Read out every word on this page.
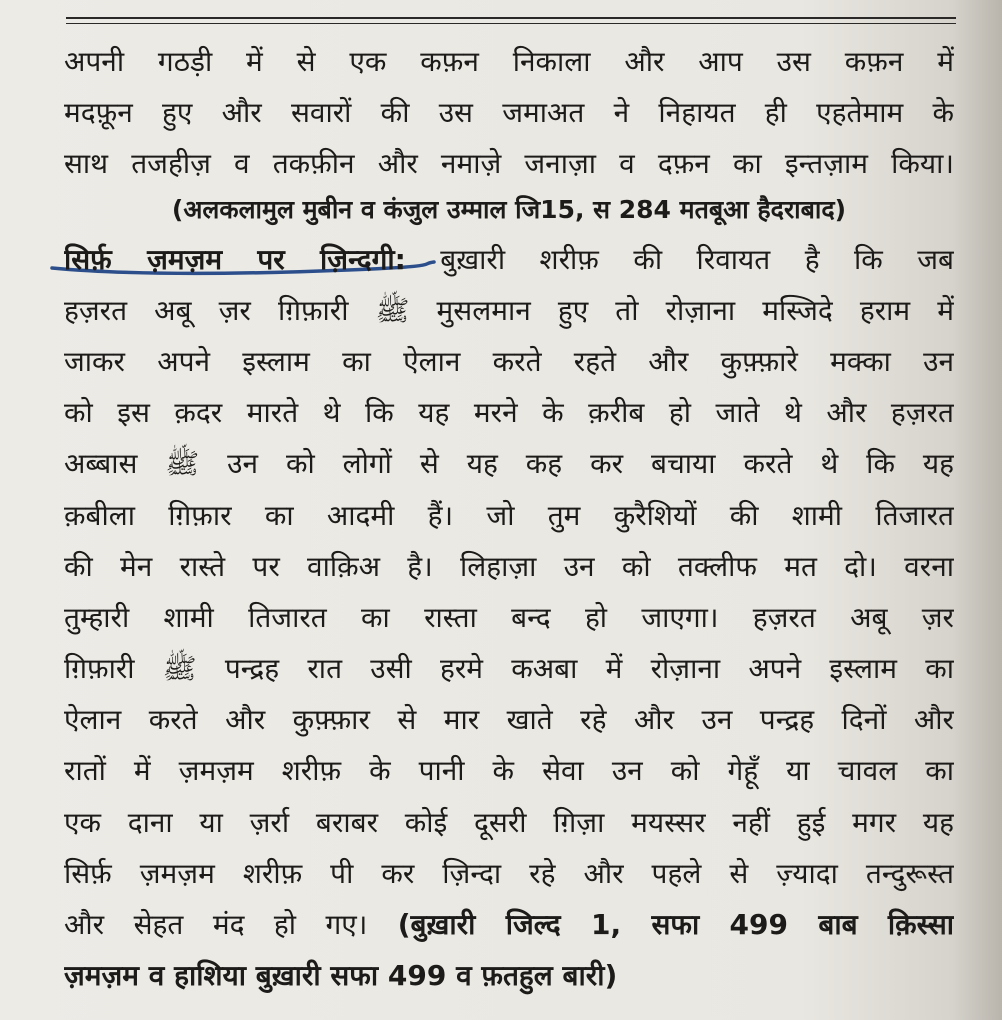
अपनी गठड़ी में से एक कफ़न निकाला और आप उस कफ़न में
मदफ़ून हुए और सवारों की उस जमाअत ने निहायत ही एहतेमाम के
साथ तजहीज़ व तकफ़ीन और नमाज़े जनाज़ा व दफ़न का इन्तज़ाम किया।
(अलकलामुल मुबीन व कंजुल उम्माल जि15, स 284 मतबूआ हैदराबाद)
सिर्फ़ ज़मज़म पर ज़िन्दगी: बुख़ारी शरीफ़ की रिवायत है कि जब
हज़रत अबू ज़र ग़िफ़ारी ﷺ मुसलमान हुए तो रोज़ाना मस्जिदे हराम में
जाकर अपने इस्लाम का ऐलान करते रहते और कुफ़्फ़ारे मक्का उन
को इस क़दर मारते थे कि यह मरने के क़रीब हो जाते थे और हज़रत
अब्बास ﷺ उन को लोगों से यह कह कर बचाया करते थे कि यह
क़बीला ग़िफ़ार का आदमी हैं। जो तुम कुरैशियों की शामी तिजारत
की मेन रास्ते पर वाक़िअ है। लिहाज़ा उन को तक्लीफ मत दो। वरना
तुम्हारी शामी तिजारत का रास्ता बन्द हो जाएगा। हज़रत अबू ज़र
ग़िफ़ारी ﷺ पन्द्रह रात उसी हरमे कअबा में रोज़ाना अपने इस्लाम का
ऐलान करते और कुफ़्फ़ार से मार खाते रहे और उन पन्द्रह दिनों और
रातों में ज़मज़म शरीफ़ के पानी के सेवा उन को गेहूँ या चावल का
एक दाना या ज़र्रा बराबर कोई दूसरी ग़िज़ा मयस्सर नहीं हुई मगर यह
सिर्फ़ ज़मज़म शरीफ़ पी कर ज़िन्दा रहे और पहले से ज़्यादा तन्दुरूस्त
और सेहत मंद हो गए। (बुख़ारी जिल्द 1, सफा 499 बाब क़िस्सा
ज़मज़म व हाशिया बुख़ारी सफा 499 व फ़तहुल बारी)
